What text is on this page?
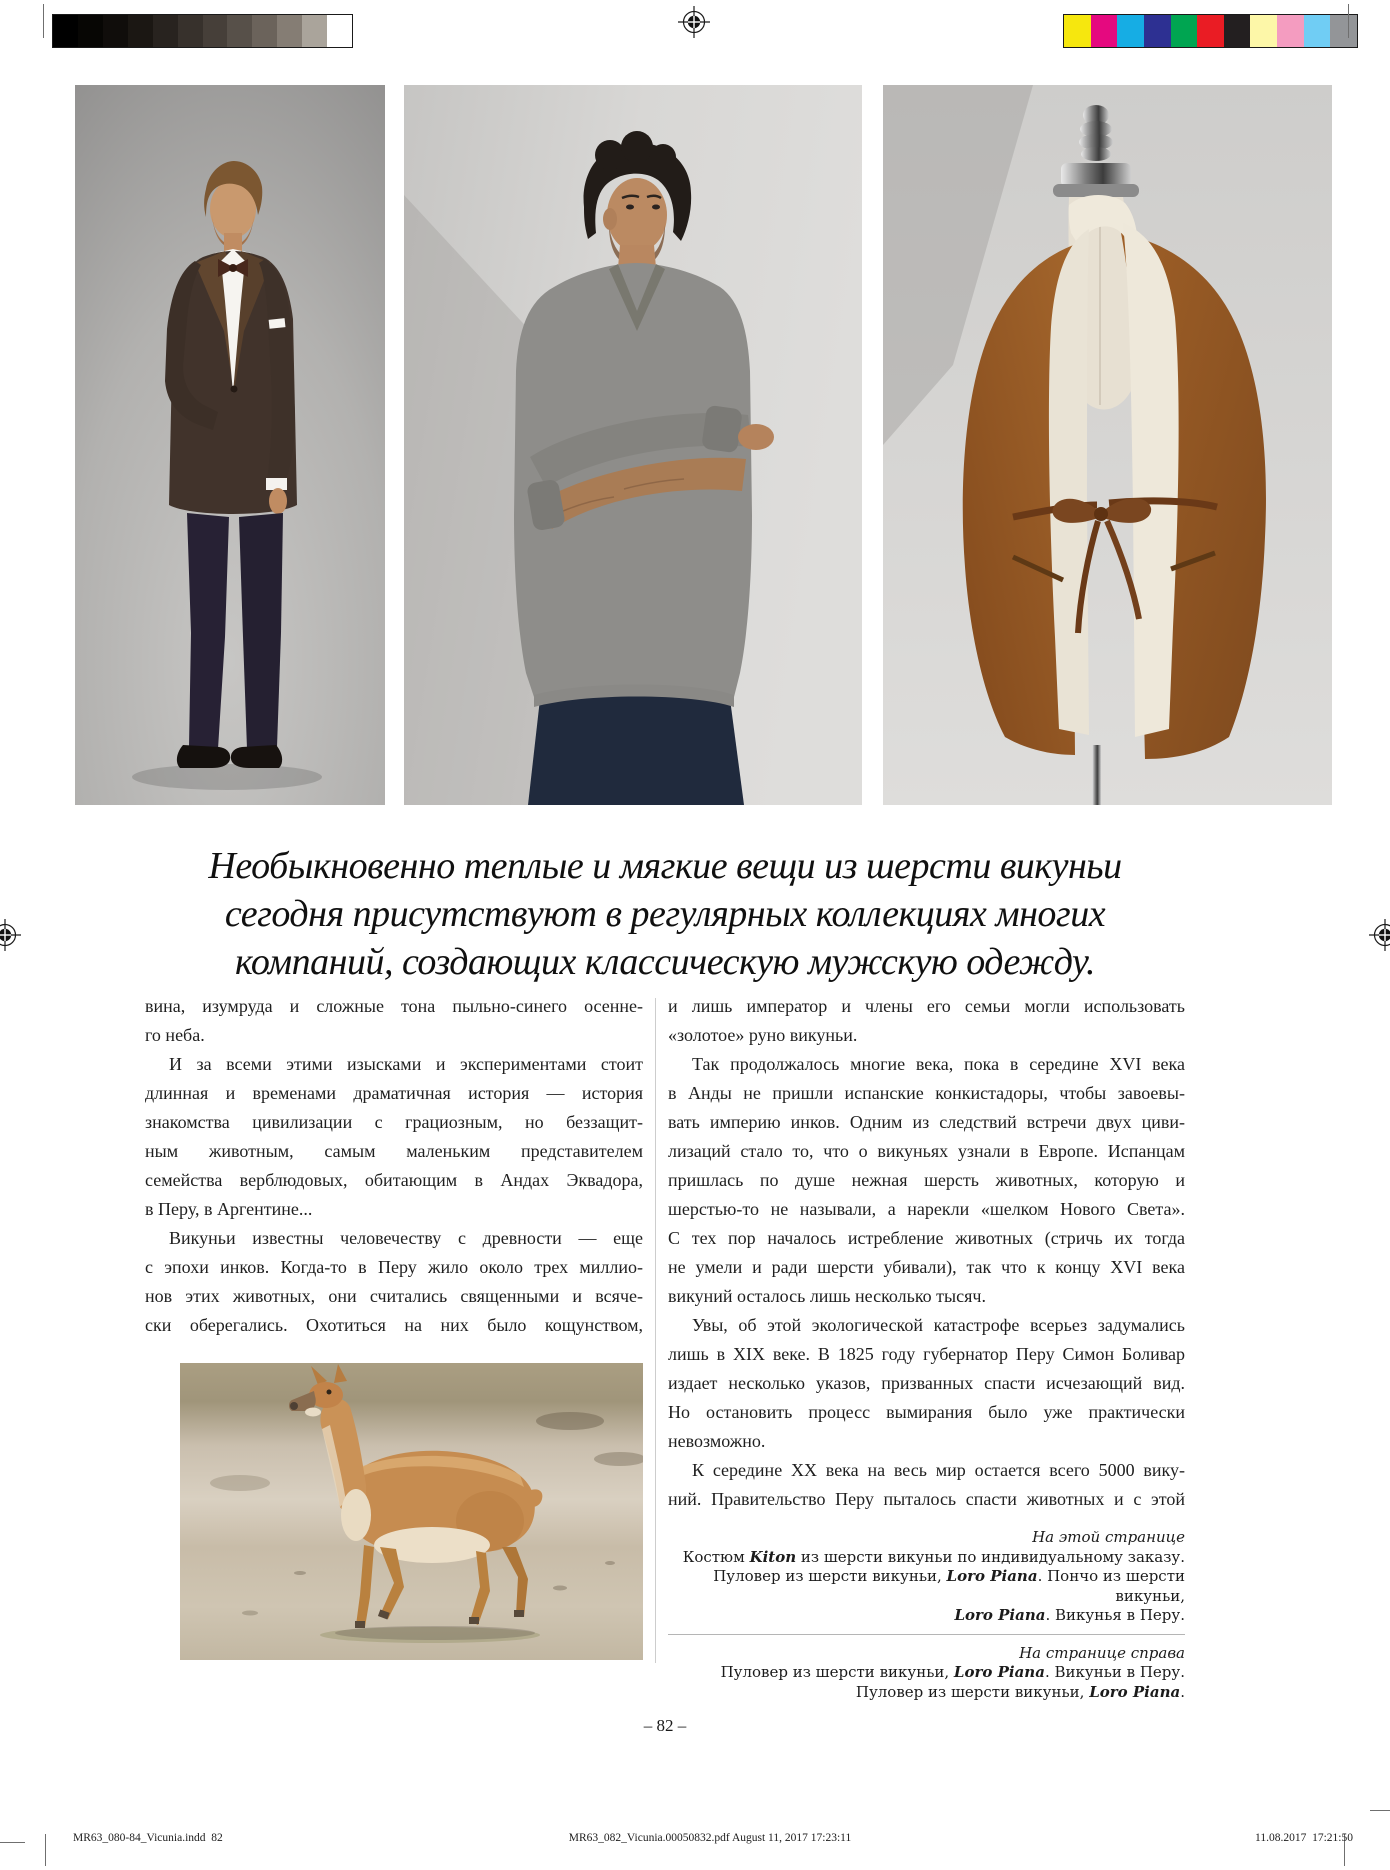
Необыкновенно теплые и мягкие вещи из шерсти викуньи
сегодня присутствуют в регулярных коллекциях многих
компаний, создающих классическую мужскую одежду.
вина, изумруда и сложные тона пыльно-синего осенне-
го неба.
И за всеми этими изысками и экспериментами стоит
длинная и временами драматичная история — история
знакомства цивилизации с грациозным, но беззащит-
ным животным, самым маленьким представителем
семейства верблюдовых, обитающим в Андах Эквадора,
в Перу, в Аргентине...
Викуньи известны человечеству с древности — еще
с эпохи инков. Когда-то в Перу жило около трех миллио-
нов этих животных, они считались священными и всяче-
ски оберегались. Охотиться на них было кощунством,
и лишь император и члены его семьи могли использовать
«золотое» руно викуньи.
Так продолжалось многие века, пока в середине XVI века
в Анды не пришли испанские конкистадоры, чтобы завоевы-
вать империю инков. Одним из следствий встречи двух циви-
лизаций стало то, что о викуньях узнали в Европе. Испанцам
пришлась по душе нежная шерсть животных, которую и
шерстью-то не называли, а нарекли «шелком Нового Света».
С тех пор началось истребление животных (стричь их тогда
не умели и ради шерсти убивали), так что к концу XVI века
викуний осталось лишь несколько тысяч.
Увы, об этой экологической катастрофе всерьез задумались
лишь в XIX веке. В 1825 году губернатор Перу Симон Боливар
издает несколько указов, призванных спасти исчезающий вид.
Но остановить процесс вымирания было уже практически
невозможно.
К середине XX века на весь мир остается всего 5000 вику-
ний. Правительство Перу пыталось спасти животных и с этой
На этой странице
Костюм Kiton из шерсти викуньи по индивидуальному заказу.
Пуловер из шерсти викуньи, Loro Piana. Пончо из шерсти викуньи,
Loro Piana. Викунья в Перу.
На странице справа
Пуловер из шерсти викуньи, Loro Piana. Викуньи в Перу.
Пуловер из шерсти викуньи, Loro Piana.
– 82 –
MR63_080-84_Vicunia.indd  82	MR63_082_Vicunia.00050832.pdf August 11, 2017 17:23:11	11.08.2017  17:21:50
